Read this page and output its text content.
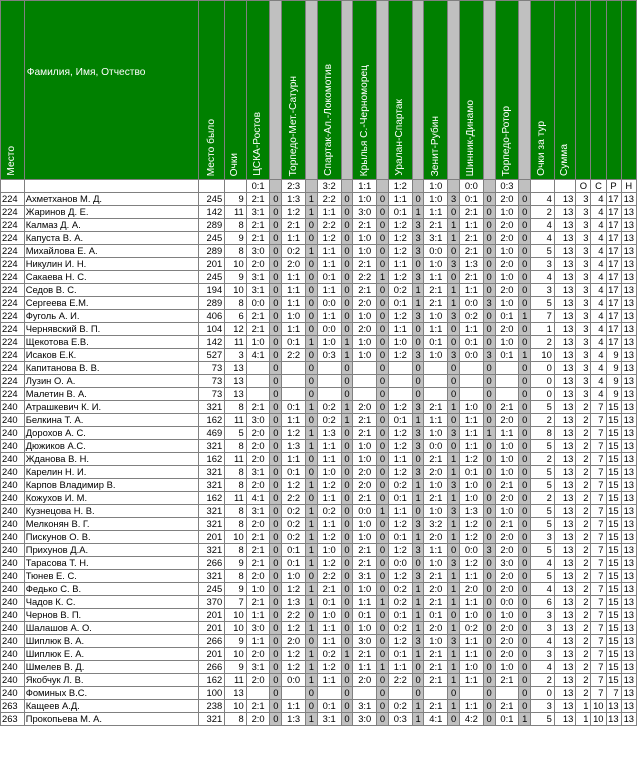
Место	Фамилия, Имя, Отчество	Место было	Очки	ЦСКА-Ростов		Торпедо-Мет.-Сатурн		Спартак-Ал.-Локомотив		Крылья С.-Черноморец		Уралан-Спартак		Зенит-Рубин		Шинник-Динамо		Торпедо-Ротор		Очки за тур	Сумма				
				0:1		2:3		3:2		1:1		1:2		1:0		0:0		0:3				О	С	Р	Н
224	Ахметханов М. Д.	245	9	2:1	0	1:3	1	2:2	0	1:0	0	1:1	0	1:0	3	0:1	0	2:0	0	4	13	3	4	17	13
224	Жаринов Д. Е.	142	11	3:1	0	1:2	1	1:1	0	3:0	0	0:1	1	1:1	0	2:1	0	1:0	0	2	13	3	4	17	13
224	Калмаз Д. А.	289	8	2:1	0	2:1	0	2:2	0	2:1	0	1:2	3	2:1	1	1:1	0	2:0	0	4	13	3	4	17	13
224	Капуста В. А.	245	9	2:1	0	1:1	0	1:2	0	1:0	0	1:2	3	3:1	1	2:1	0	2:0	0	4	13	3	4	17	13
224	Михайлова Е. А.	289	8	3:0	0	0:2	1	1:1	0	1:0	0	1:2	3	0:0	0	2:1	0	1:0	0	5	13	3	4	17	13
224	Никулин И. Н.	201	10	2:0	0	2:0	0	1:1	0	2:1	0	1:1	0	1:0	3	1:3	0	2:0	0	3	13	3	4	17	13
224	Сакаева Н. С.	245	9	3:1	0	1:1	0	0:1	0	2:2	1	1:2	3	1:1	0	2:1	0	1:0	0	4	13	3	4	17	13
224	Седов В. С.	194	10	3:1	0	1:1	0	1:1	0	2:1	0	0:2	1	2:1	1	1:1	0	2:0	0	3	13	3	4	17	13
224	Сергеева Е.М.	289	8	0:0	0	1:1	0	0:0	0	2:0	0	0:1	1	2:1	1	0:0	3	1:0	0	5	13	3	4	17	13
224	Фуголь А. И.	406	6	2:1	0	1:0	0	1:1	0	1:0	0	1:2	3	1:0	3	0:2	0	0:1	1	7	13	3	4	17	13
224	Чернявский В. П.	104	12	2:1	0	1:1	0	0:0	0	2:0	0	1:1	0	1:1	0	1:1	0	2:0	0	1	13	3	4	17	13
224	Щекотова Е.В.	142	11	1:0	0	0:1	1	1:0	1	1:0	0	1:0	0	0:1	0	0:1	0	1:0	0	2	13	3	4	17	13
224	Исаков Е.К.	527	3	4:1	0	2:2	0	0:3	1	1:0	0	1:2	3	1:0	3	0:0	3	0:1	1	10	13	3	4	9	13
224	Капитанова В. В.	73	13		0		0		0		0		0		0		0		0	0	13	3	4	9	13
224	Лузин О. А.	73	13		0		0		0		0		0		0		0		0	0	13	3	4	9	13
224	Малетин В. А.	73	13		0		0		0		0		0		0		0		0	0	13	3	4	9	13
240	Атрашкевич К. И.	321	8	2:1	0	0:1	1	0:2	1	2:0	0	1:2	3	2:1	1	1:0	0	2:1	0	5	13	2	7	15	13
240	Белкина Т. А.	162	11	3:0	0	1:1	0	0:2	1	2:1	0	0:1	1	1:1	0	1:1	0	2:0	0	2	13	2	7	15	13
240	Дорохов А. С.	469	5	2:0	0	1:2	1	1:3	0	2:1	0	1:2	3	1:0	3	1:1	1	1:1	0	8	13	2	7	15	13
240	Дюжиков А.С.	321	8	2:0	0	1:3	1	1:1	0	1:0	0	1:2	3	0:0	0	1:1	0	1:0	0	5	13	2	7	15	13
240	Жданова В. Н.	162	11	2:0	0	1:1	0	1:1	0	1:0	0	1:1	0	2:1	1	1:2	0	1:0	0	2	13	2	7	15	13
240	Карелин Н. И.	321	8	3:1	0	0:1	0	1:0	0	2:0	0	1:2	3	2:0	1	0:1	0	1:0	0	5	13	2	7	15	13
240	Карпов Владимир В.	321	8	2:0	0	1:2	1	1:2	0	2:0	0	0:2	1	1:0	3	1:0	0	2:1	0	5	13	2	7	15	13
240	Кожухов И. М.	162	11	4:1	0	2:2	0	1:1	0	2:1	0	0:1	1	2:1	1	1:0	0	2:0	0	2	13	2	7	15	13
240	Кузнецова Н. В.	321	8	3:1	0	0:2	1	0:2	0	0:0	1	1:1	0	1:0	3	1:3	0	1:0	0	5	13	2	7	15	13
240	Мелконян В. Г.	321	8	2:0	0	0:2	1	1:1	0	1:0	0	1:2	3	3:2	1	1:2	0	2:1	0	5	13	2	7	15	13
240	Пискунов О. В.	201	10	2:1	0	0:2	1	1:2	0	1:0	0	0:1	1	2:0	1	1:2	0	2:0	0	3	13	2	7	15	13
240	Прихунов Д.А.	321	8	2:1	0	0:1	1	1:0	0	2:1	0	1:2	3	1:1	0	0:0	3	2:0	0	5	13	2	7	15	13
240	Тарасова Т. Н.	266	9	2:1	0	0:1	1	1:2	0	2:1	0	0:0	0	1:0	3	1:2	0	3:0	0	4	13	2	7	15	13
240	Тюнев Е. С.	321	8	2:0	0	1:0	0	2:2	0	3:1	0	1:2	3	2:1	1	1:1	0	2:0	0	5	13	2	7	15	13
240	Федько С. В.	245	9	1:0	0	1:2	1	2:1	0	1:0	0	0:2	1	2:0	1	2:0	0	2:0	0	4	13	2	7	15	13
240	Чадов К. С.	370	7	2:1	0	1:3	1	0:1	0	1:1	1	0:2	1	2:1	1	1:1	0	0:0	0	6	13	2	7	15	13
240	Чернов В. П.	201	10	1:1	0	2:2	0	1:0	0	0:1	0	0:1	1	0:1	0	1:0	0	1:0	0	3	13	2	7	15	13
240	Шалашов А. О.	201	10	3:0	0	1:2	1	1:1	0	1:0	0	0:2	1	2:0	1	0:2	0	2:0	0	3	13	2	7	15	13
240	Шиплюк В. А.	266	9	1:1	0	2:0	0	1:1	0	3:0	0	1:2	3	1:0	3	1:1	0	2:0	0	4	13	2	7	15	13
240	Шиплюк Е. А.	201	10	2:0	0	1:2	1	0:2	1	2:1	0	0:1	1	2:1	1	1:1	0	2:0	0	3	13	2	7	15	13
240	Шмелев В. Д.	266	9	3:1	0	1:2	1	1:2	0	1:1	1	1:1	0	2:1	1	1:0	0	1:0	0	4	13	2	7	15	13
240	Якобчук Л. В.	162	11	2:0	0	0:0	1	1:1	0	2:0	0	2:2	0	2:1	1	1:1	0	2:1	0	2	13	2	7	15	13
240	Фоминых В.С.	100	13		0		0		0		0		0		0		0		0	0	13	2	7	7	13
263	Кащеев А.Д.	238	10	2:1	0	1:1	0	0:1	0	3:1	0	0:2	1	2:1	1	1:1	0	2:1	0	3	13	1	10	13	13
263	Прокопьева М. А.	321	8	2:0	0	1:3	1	3:1	0	3:0	0	0:3	1	4:1	0	4:2	0	0:1	1	5	13	1	10	13	13
